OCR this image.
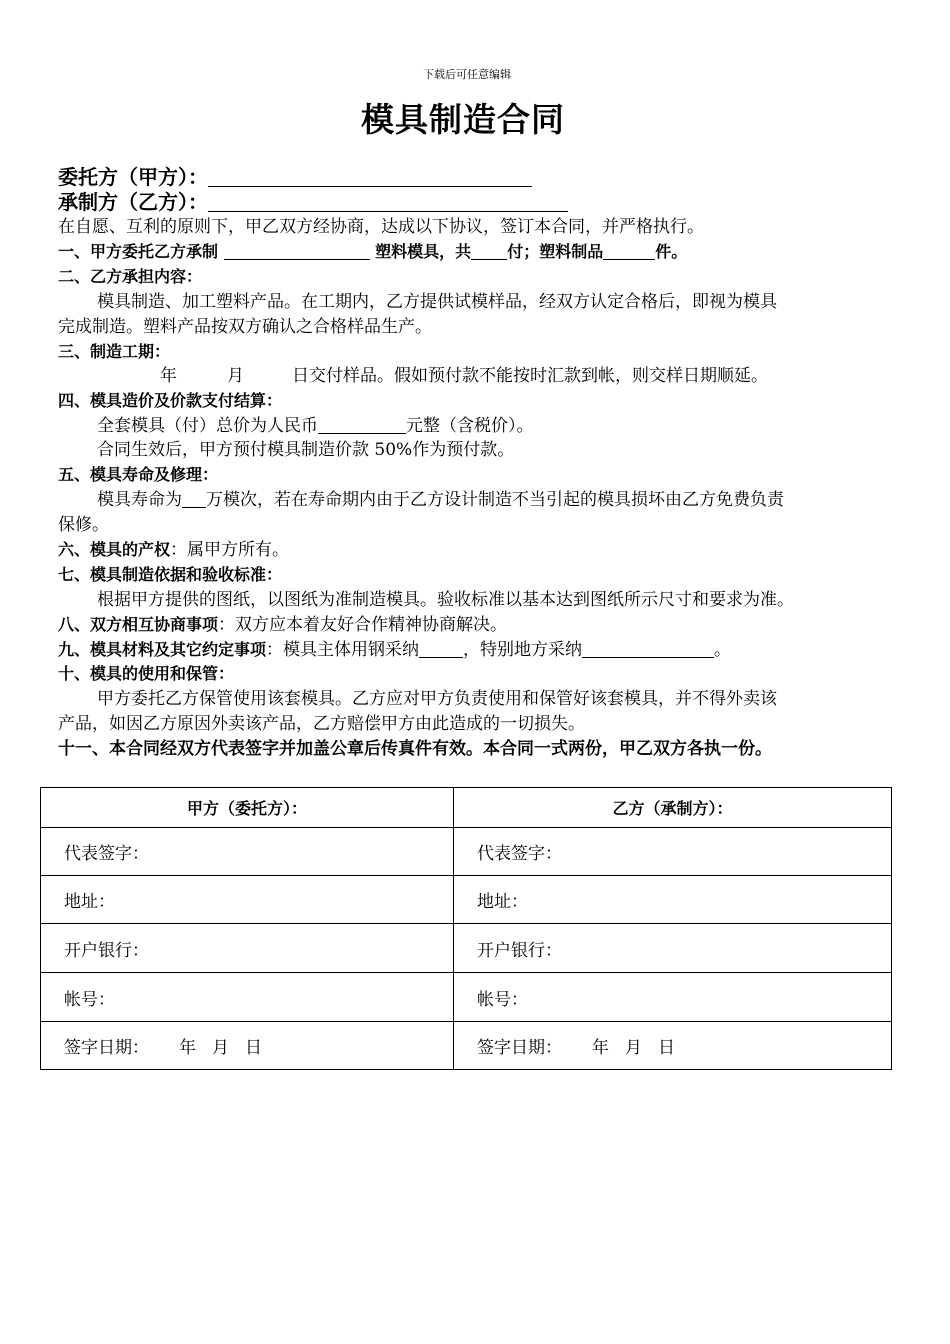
下载后可任意编辑
模具制造合同
委托方（甲方）：
承制方（乙方）：
在自愿、互利的原则下，甲乙双方经协商，达成以下协议，签订本合同，并严格执行。
一、甲方委托乙方承制	塑料模具，共 付；塑料制品	件。
二、乙方承担内容：
模具制造、加工塑料产品。在工期内，乙方提供试模样品，经双方认定合格后，即视为模具
完成制造。塑料产品按双方确认之合格样品生产。
三、制造工期：
年	月	日交付样品。假如预付款不能按时汇款到帐，则交样日期顺延。
四、模具造价及价款支付结算：
全套模具（付）总价为人民币	元整（含税价）。
合同生效后，甲方预付模具制造价款 50%作为预付款。
五、模具寿命及修理：
模具寿命为 万模次，若在寿命期内由于乙方设计制造不当引起的模具损坏由乙方免费负责
保修。
六、模具的产权：属甲方所有。
七、模具制造依据和验收标准：
根据甲方提供的图纸，以图纸为准制造模具。验收标准以基本达到图纸所示尺寸和要求为准。
八、双方相互协商事项：双方应本着友好合作精神协商解决。
九、模具材料及其它约定事项：模具主体用钢采纳	，特别地方采纳	。
十、模具的使用和保管：
甲方委托乙方保管使用该套模具。乙方应对甲方负责使用和保管好该套模具，并不得外卖该
产品，如因乙方原因外卖该产品，乙方赔偿甲方由此造成的一切损失。
十一、本合同经双方代表签字并加盖公章后传真件有效。本合同一式两份，甲乙双方各执一份。
甲方（委托方）：	乙方（承制方）：
代表签字：	代表签字：
地址：	地址：
开户银行：	开户银行：
帐号：	帐号：
签字日期： 年 月 日	签字日期： 年 月 日
